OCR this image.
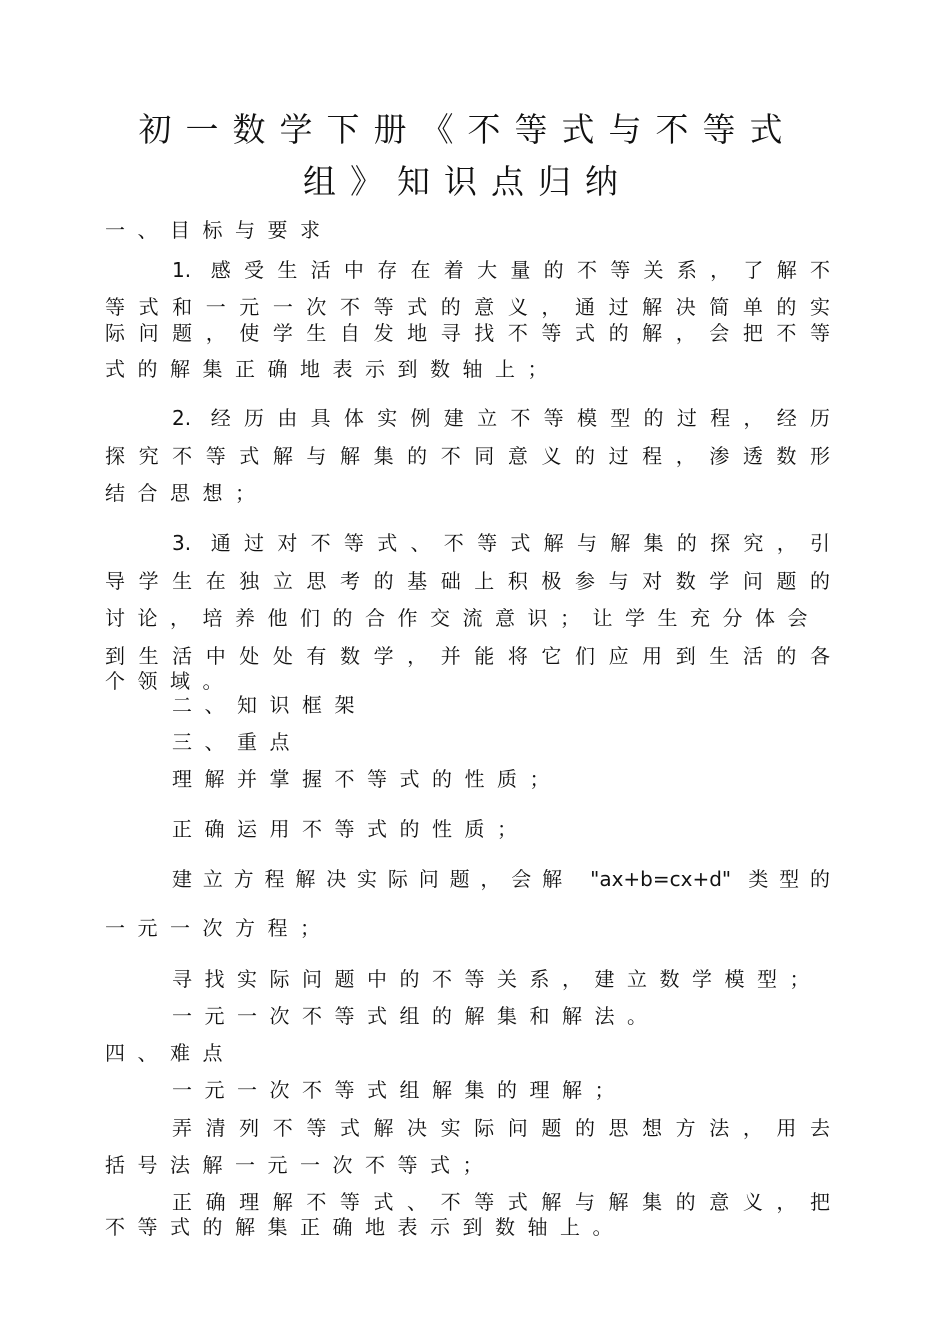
初一数学下册《不等式与不等式
组》知识点归纳
一、目标与要求
1. 感受生活中存在着大量的不等关系，了解不
等式和一元一次不等式的意义，通过解决简单的实
际问题，使学生自发地寻找不等式的解，会把不等
式的解集正确地表示到数轴上；
2. 经历由具体实例建立不等模型的过程，经历
探究不等式解与解集的不同意义的过程，渗透数形
结合思想；
3. 通过对不等式、不等式解与解集的探究，引
导学生在独立思考的基础上积极参与对数学问题的
讨论，培养他们的合作交流意识；让学生充分体会
到生活中处处有数学，并能将它们应用到生活的各
个领域。
二、知识框架
三、重点
理解并掌握不等式的性质；
正确运用不等式的性质；
建立方程解决实际问题，会解 "ax+b=cx+d" 类型的
一元一次方程；
寻找实际问题中的不等关系，建立数学模型；
一元一次不等式组的解集和解法。
四、难点
一元一次不等式组解集的理解；
弄清列不等式解决实际问题的思想方法，用去
括号法解一元一次不等式；
正确理解不等式、不等式解与解集的意义，把
不等式的解集正确地表示到数轴上。
